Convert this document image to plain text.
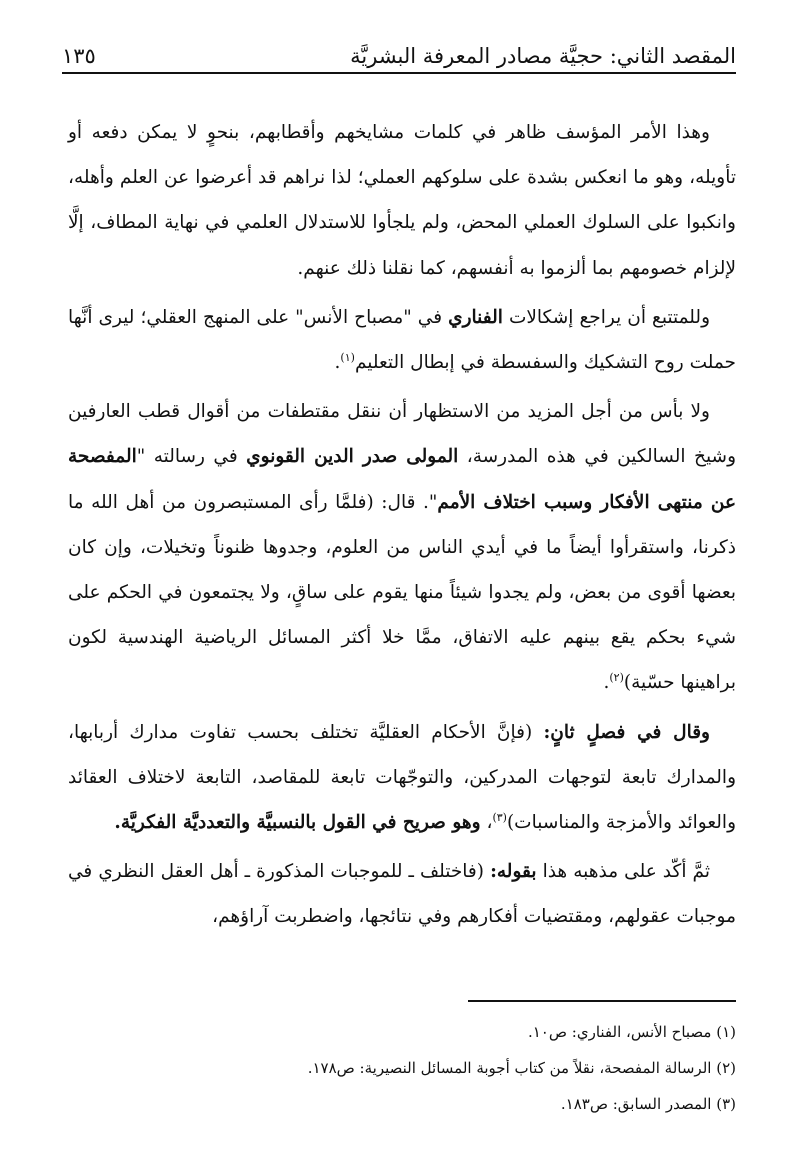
المقصد الثاني: حجيَّة مصادر المعرفة البشريَّة
١٣٥

وهذا الأمر المؤسف ظاهر في كلمات مشايخهم وأقطابهم، بنحوٍ لا يمكن دفعه أو تأويله، وهو ما انعكس بشدة على سلوكهم العملي؛ لذا نراهم قد أعرضوا عن العلم وأهله، وانكبوا على السلوك العملي المحض، ولم يلجأوا للاستدلال العلمي في نهاية المطاف، إلَّا لإلزام خصومهم بما ألزموا به أنفسهم، كما نقلنا ذلك عنهم.

وللمتتبع أن يراجع إشكالات الفناري في "مصباح الأنس" على المنهج العقلي؛ ليرى أنَّها حملت روح التشكيك والسفسطة في إبطال التعليم$^{(١)}$.

ولا بأس من أجل المزيد من الاستظهار أن ننقل مقتطفات من أقوال قطب العارفين وشيخ السالكين في هذه المدرسة، المولى صدر الدين القونوي في رسالته "المفصحة عن منتهى الأفكار وسبب اختلاف الأمم". قال: (فلمَّا رأى المستبصرون من أهل الله ما ذكرنا، واستقرأوا أيضاً ما في أيدي الناس من العلوم، وجدوها ظنوناً وتخيلات، وإن كان بعضها أقوى من بعض، ولم يجدوا شيئاً منها يقوم على ساقٍ، ولا يجتمعون في الحكم على شيء بحكم يقع بينهم عليه الاتفاق، ممَّا خلا أكثر المسائل الرياضية الهندسية لكون براهينها حسّية)$^{(٢)}$.

وقال في فصلٍ ثانٍ: (فإنَّ الأحكام العقليَّة تختلف بحسب تفاوت مدارك أربابها، والمدارك تابعة لتوجهات المدركين، والتوجّهات تابعة للمقاصد، التابعة لاختلاف العقائد والعوائد والأمزجة والمناسبات)$^{(٣)}$، وهو صريح في القول بالنسبيَّة والتعدديَّة الفكريَّة.

ثمَّ أكّد على مذهبه هذا بقوله: (فاختلف ـ للموجبات المذكورة ـ أهل العقل النظري في موجبات عقولهم، ومقتضيات أفكارهم وفي نتائجها، واضطربت آراؤهم،

(١) مصباح الأنس، الفناري: ص١٠.
(٢) الرسالة المفصحة، نقلاً من كتاب أجوبة المسائل النصيرية: ص١٧٨.
(٣) المصدر السابق: ص١٨٣.
